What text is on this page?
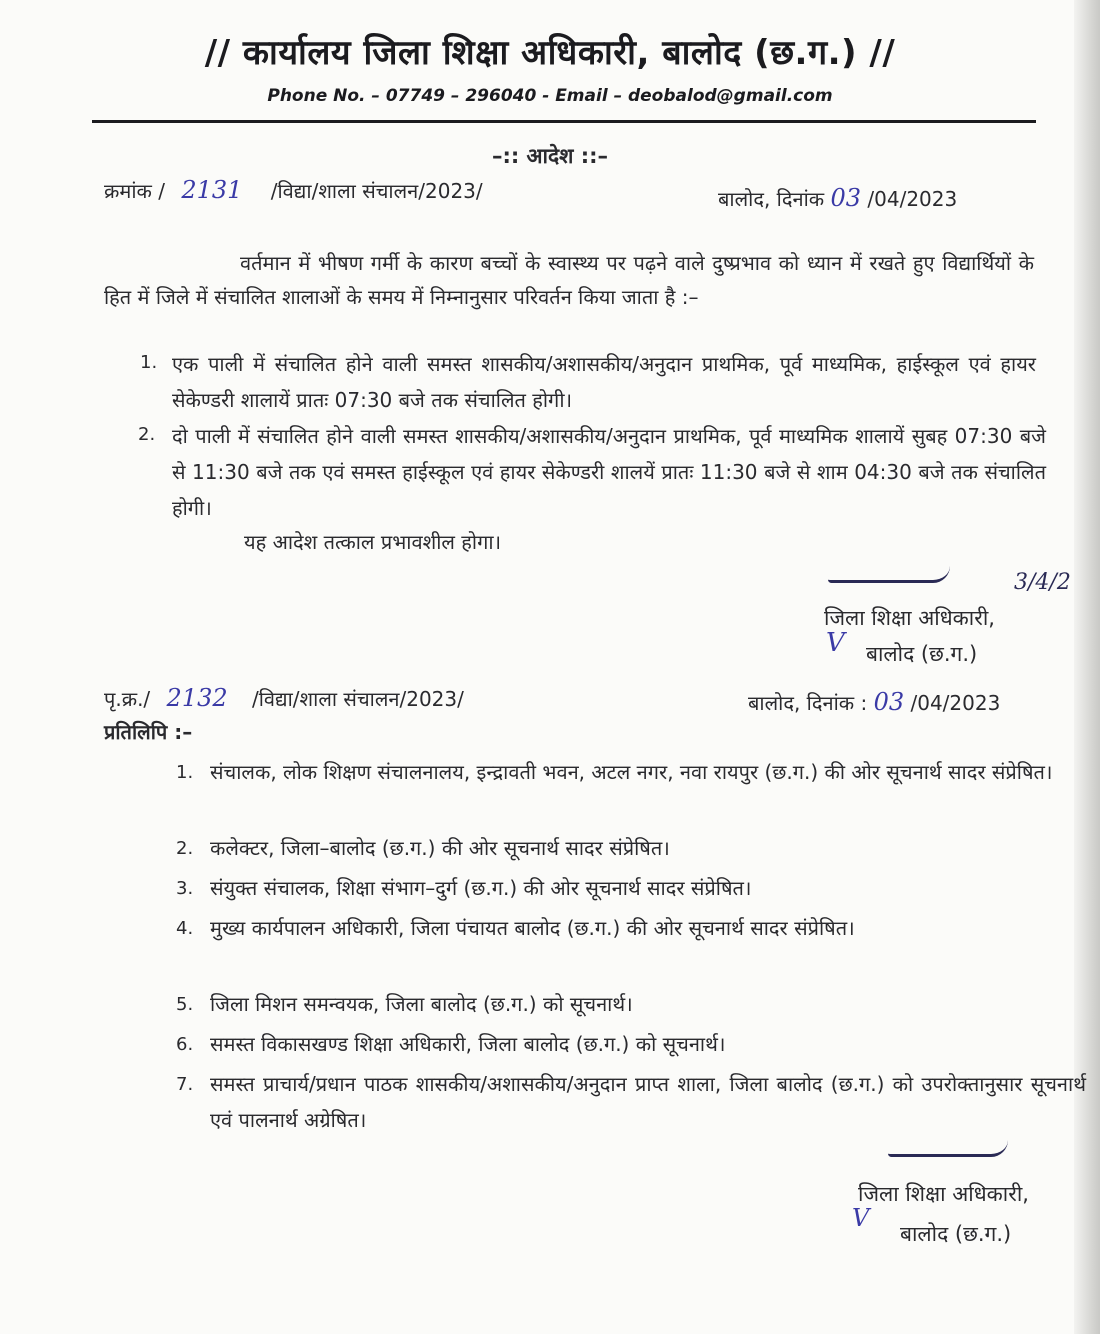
// कार्यालय जिला शिक्षा अधिकारी, बालोद (छ.ग.) //
Phone No. – 07749 – 296040 - Email – deobalod@gmail.com
–:: आदेश ::–
क्रमांक / 2131 /विद्या/शाला संचालन/2023/	बालोद, दिनांक 03 /04/2023
वर्तमान में भीषण गर्मी के कारण बच्चों के स्वास्थ्य पर पढ़ने वाले दुष्प्रभाव को ध्यान में रखते हुए विद्यार्थियों के हित में जिले में संचालित शालाओं के समय में निम्नानुसार परिवर्तन किया जाता है :–
1. एक पाली में संचालित होने वाली समस्त शासकीय/अशासकीय/अनुदान प्राथमिक, पूर्व माध्यमिक, हाईस्कूल एवं हायर सेकेण्डरी शालायें प्रातः 07:30 बजे तक संचालित होगी।
2. दो पाली में संचालित होने वाली समस्त शासकीय/अशासकीय/अनुदान प्राथमिक, पूर्व माध्यमिक शालायें सुबह 07:30 बजे से 11:30 बजे तक एवं समस्त हाईस्कूल एवं हायर सेकेण्डरी शालयें प्रातः 11:30 बजे से शाम 04:30 बजे तक संचालित होगी।
यह आदेश तत्काल प्रभावशील होगा।
3/4/2
जिला शिक्षा अधिकारी,
V बालोद (छ.ग.)
पृ.क्र./ 2132 /विद्या/शाला संचालन/2023/	बालोद, दिनांक : 03 /04/2023
प्रतिलिपि :–
1. संचालक, लोक शिक्षण संचालनालय, इन्द्रावती भवन, अटल नगर, नवा रायपुर (छ.ग.) की ओर सूचनार्थ सादर संप्रेषित।
2. कलेक्टर, जिला–बालोद (छ.ग.) की ओर सूचनार्थ सादर संप्रेषित।
3. संयुक्त संचालक, शिक्षा संभाग–दुर्ग (छ.ग.) की ओर सूचनार्थ सादर संप्रेषित।
4. मुख्य कार्यपालन अधिकारी, जिला पंचायत बालोद (छ.ग.) की ओर सूचनार्थ सादर संप्रेषित।
5. जिला मिशन समन्वयक, जिला बालोद (छ.ग.) को सूचनार्थ।
6. समस्त विकासखण्ड शिक्षा अधिकारी, जिला बालोद (छ.ग.) को सूचनार्थ।
7. समस्त प्राचार्य/प्रधान पाठक शासकीय/अशासकीय/अनुदान प्राप्त शाला, जिला बालोद (छ.ग.) को उपरोक्तानुसार सूचनार्थ एवं पालनार्थ अग्रेषित।
जिला शिक्षा अधिकारी,
V
बालोद (छ.ग.)
